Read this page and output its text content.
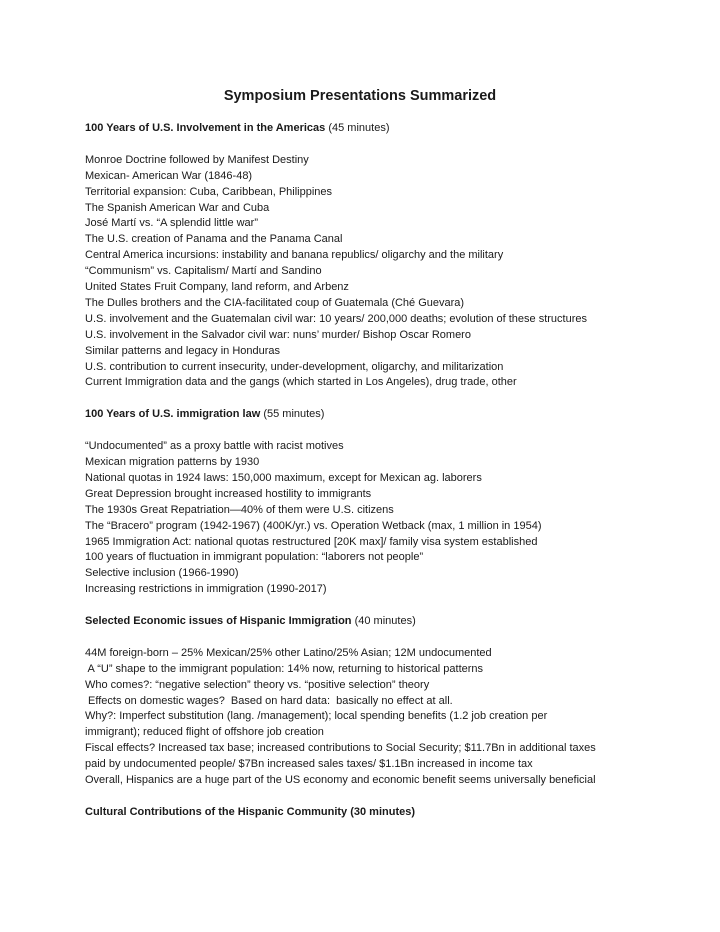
Symposium Presentations Summarized

100 Years of U.S. Involvement in the Americas (45 minutes)

Monroe Doctrine followed by Manifest Destiny

Mexican- American War (1846-48)

Territorial expansion: Cuba, Caribbean, Philippines

The Spanish American War and Cuba

José Martí vs. “A splendid little war”

The U.S. creation of Panama and the Panama Canal

Central America incursions: instability and banana republics/ oligarchy and the military

“Communism” vs. Capitalism/ Martí and Sandino

United States Fruit Company, land reform, and Arbenz

The Dulles brothers and the CIA-facilitated coup of Guatemala (Ché Guevara)

U.S. involvement and the Guatemalan civil war: 10 years/ 200,000 deaths; evolution of these structures

U.S. involvement in the Salvador civil war: nuns’ murder/ Bishop Oscar Romero

Similar patterns and legacy in Honduras

U.S. contribution to current insecurity, under-development, oligarchy, and militarization

Current Immigration data and the gangs (which started in Los Angeles), drug trade, other

100 Years of U.S. immigration law (55 minutes)

“Undocumented” as a proxy battle with racist motives

Mexican migration patterns by 1930

National quotas in 1924 laws: 150,000 maximum, except for Mexican ag. laborers

Great Depression brought increased hostility to immigrants

The 1930s Great Repatriation—40% of them were U.S. citizens

The “Bracero” program (1942-1967) (400K/yr.) vs. Operation Wetback (max, 1 million in 1954)

1965 Immigration Act: national quotas restructured [20K max]/ family visa system established

100 years of fluctuation in immigrant population: “laborers not people”

Selective inclusion (1966-1990)

Increasing restrictions in immigration (1990-2017)

Selected Economic issues of Hispanic Immigration (40 minutes)

44M foreign-born – 25% Mexican/25% other Latino/25% Asian; 12M undocumented

A “U” shape to the immigrant population: 14% now, returning to historical patterns

Who comes?: “negative selection” theory vs. “positive selection” theory

Effects on domestic wages?  Based on hard data:  basically no effect at all.

Why?: Imperfect substitution (lang. /management); local spending benefits (1.2 job creation per

immigrant); reduced flight of offshore job creation

Fiscal effects? Increased tax base; increased contributions to Social Security; $11.7Bn in additional taxes

paid by undocumented people/ $7Bn increased sales taxes/ $1.1Bn increased in income tax

Overall, Hispanics are a huge part of the US economy and economic benefit seems universally beneficial

Cultural Contributions of the Hispanic Community (30 minutes)
